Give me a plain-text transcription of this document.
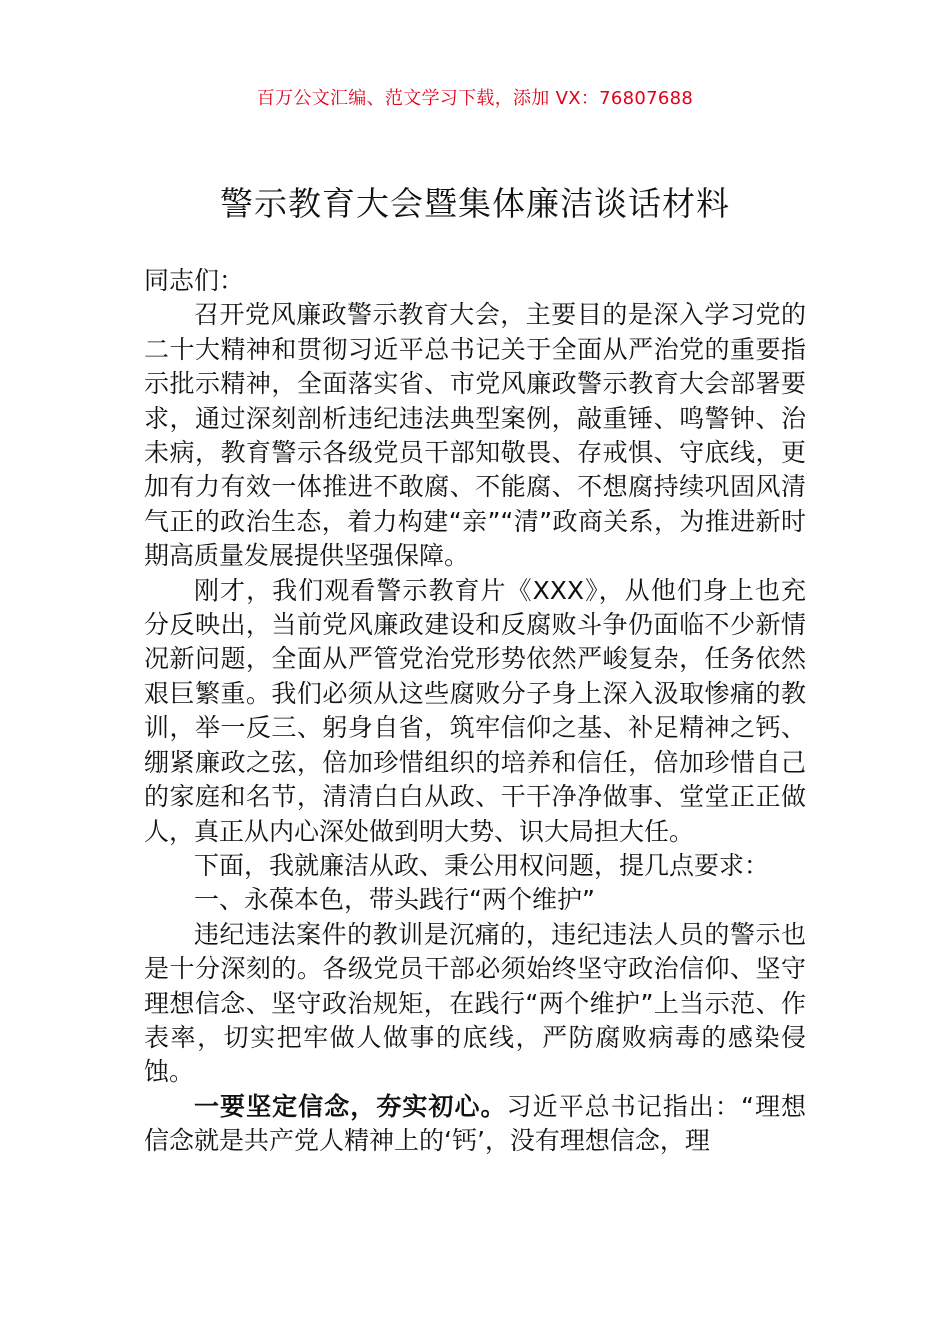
百万公文汇编、范文学习下载，添加 VX：76807688
警示教育大会暨集体廉洁谈话材料

同志们：

召开党风廉政警示教育大会，主要目的是深入学习党的二十大精神和贯彻习近平总书记关于全面从严治党的重要指示批示精神，全面落实省、市党风廉政警示教育大会部署要求，通过深刻剖析违纪违法典型案例，敲重锤、鸣警钟、治未病，教育警示各级党员干部知敬畏、存戒惧、守底线，更加有力有效一体推进不敢腐、不能腐、不想腐持续巩固风清气正的政治生态，着力构建“亲”“清”政商关系，为推进新时期高质量发展提供坚强保障。

刚才，我们观看警示教育片《XXX》，从他们身上也充分反映出，当前党风廉政建设和反腐败斗争仍面临不少新情况新问题，全面从严管党治党形势依然严峻复杂，任务依然艰巨繁重。我们必须从这些腐败分子身上深入汲取惨痛的教训，举一反三、躬身自省，筑牢信仰之基、补足精神之钙、绷紧廉政之弦，倍加珍惜组织的培养和信任，倍加珍惜自己的家庭和名节，清清白白从政、干干净净做事、堂堂正正做人，真正从内心深处做到明大势、识大局担大任。

下面，我就廉洁从政、秉公用权问题，提几点要求：

一、永葆本色，带头践行“两个维护”

违纪违法案件的教训是沉痛的，违纪违法人员的警示也是十分深刻的。各级党员干部必须始终坚守政治信仰、坚守理想信念、坚守政治规矩，在践行“两个维护”上当示范、作表率，切实把牢做人做事的底线，严防腐败病毒的感染侵蚀。

一要坚定信念，夯实初心。习近平总书记指出：“理想信念就是共产党人精神上的‘钙’，没有理想信念，理
